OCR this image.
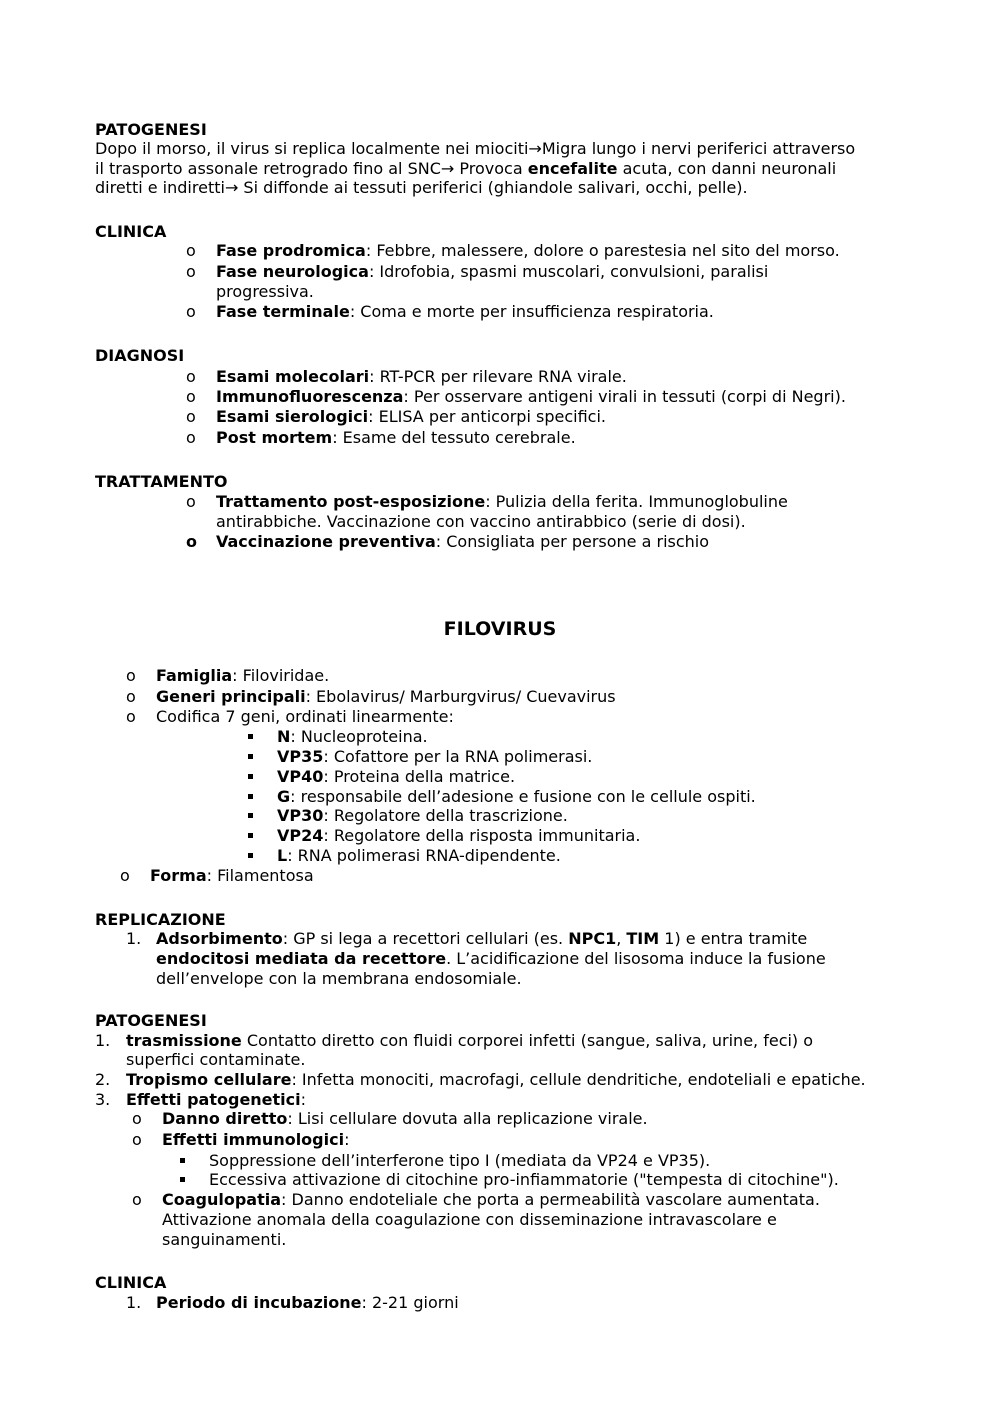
PATOGENESI
Dopo il morso, il virus si replica localmente nei miociti→Migra lungo i nervi periferici attraverso
il trasporto assonale retrogrado fino al SNC→ Provoca encefalite acuta, con danni neuronali
diretti e indiretti→ Si diffonde ai tessuti periferici (ghiandole salivari, occhi, pelle).
CLINICA
o Fase prodromica: Febbre, malessere, dolore o parestesia nel sito del morso.
o Fase neurologica: Idrofobia, spasmi muscolari, convulsioni, paralisi
progressiva.
o Fase terminale: Coma e morte per insufficienza respiratoria.
DIAGNOSI
o Esami molecolari: RT-PCR per rilevare RNA virale.
o Immunofluorescenza: Per osservare antigeni virali in tessuti (corpi di Negri).
o Esami sierologici: ELISA per anticorpi specifici.
o Post mortem: Esame del tessuto cerebrale.
TRATTAMENTO
o Trattamento post-esposizione: Pulizia della ferita. Immunoglobuline
antirabbiche. Vaccinazione con vaccino antirabbico (serie di dosi).
o Vaccinazione preventiva: Consigliata per persone a rischio
FILOVIRUS
o Famiglia: Filoviridae.
o Generi principali: Ebolavirus/ Marburgvirus/ Cuevavirus
o Codifica 7 geni, ordinati linearmente:
N: Nucleoproteina.
VP35: Cofattore per la RNA polimerasi.
VP40: Proteina della matrice.
G: responsabile dell’adesione e fusione con le cellule ospiti.
VP30: Regolatore della trascrizione.
VP24: Regolatore della risposta immunitaria.
L: RNA polimerasi RNA-dipendente.
o Forma: Filamentosa
REPLICAZIONE
1. Adsorbimento: GP si lega a recettori cellulari (es. NPC1, TIM 1) e entra tramite
endocitosi mediata da recettore. L’acidificazione del lisosoma induce la fusione
dell’envelope con la membrana endosomiale.
PATOGENESI
1. trasmissione Contatto diretto con fluidi corporei infetti (sangue, saliva, urine, feci) o
superfici contaminate.
2. Tropismo cellulare: Infetta monociti, macrofagi, cellule dendritiche, endoteliali e epatiche.
3. Effetti patogenetici:
o Danno diretto: Lisi cellulare dovuta alla replicazione virale.
o Effetti immunologici:
Soppressione dell’interferone tipo I (mediata da VP24 e VP35).
Eccessiva attivazione di citochine pro-infiammatorie ("tempesta di citochine").
o Coagulopatia: Danno endoteliale che porta a permeabilità vascolare aumentata.
Attivazione anomala della coagulazione con disseminazione intravascolare e
sanguinamenti.
CLINICA
1. Periodo di incubazione: 2-21 giorni
